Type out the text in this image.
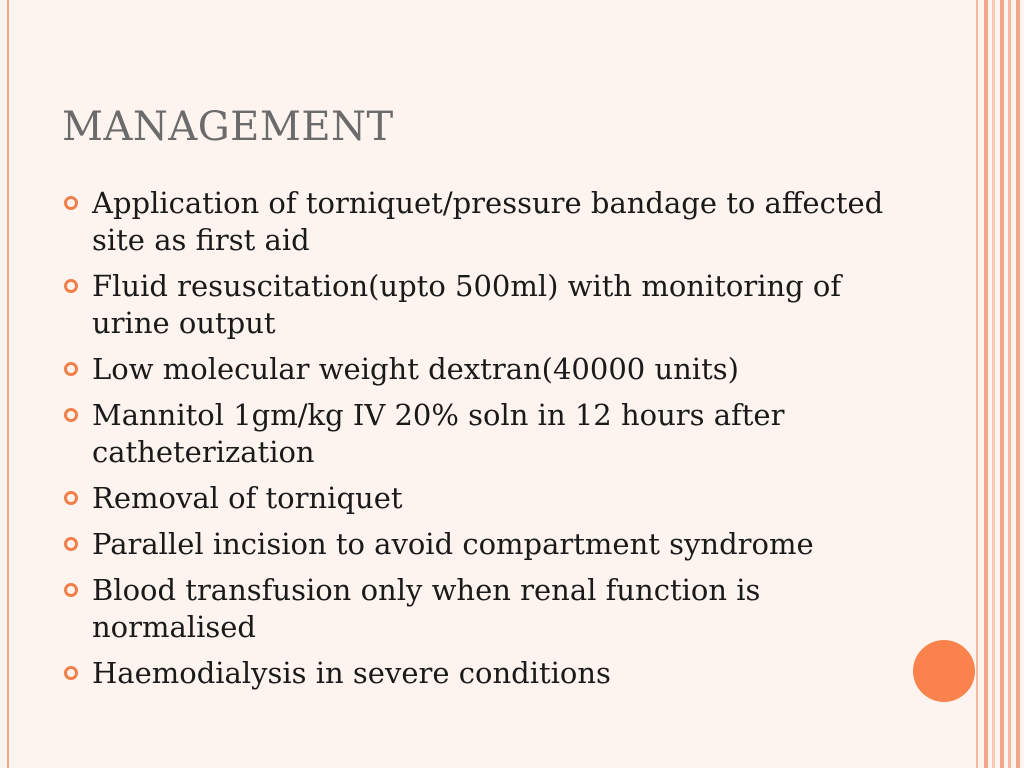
MANAGEMENT
Application of torniquet/pressure bandage to affected site as first aid
Fluid resuscitation(upto 500ml) with monitoring of urine output
Low molecular weight dextran(40000 units)
Mannitol 1gm/kg IV 20% soln in 12 hours after catheterization
Removal of torniquet
Parallel incision to avoid compartment syndrome
Blood transfusion only when renal function is normalised
Haemodialysis in severe conditions
